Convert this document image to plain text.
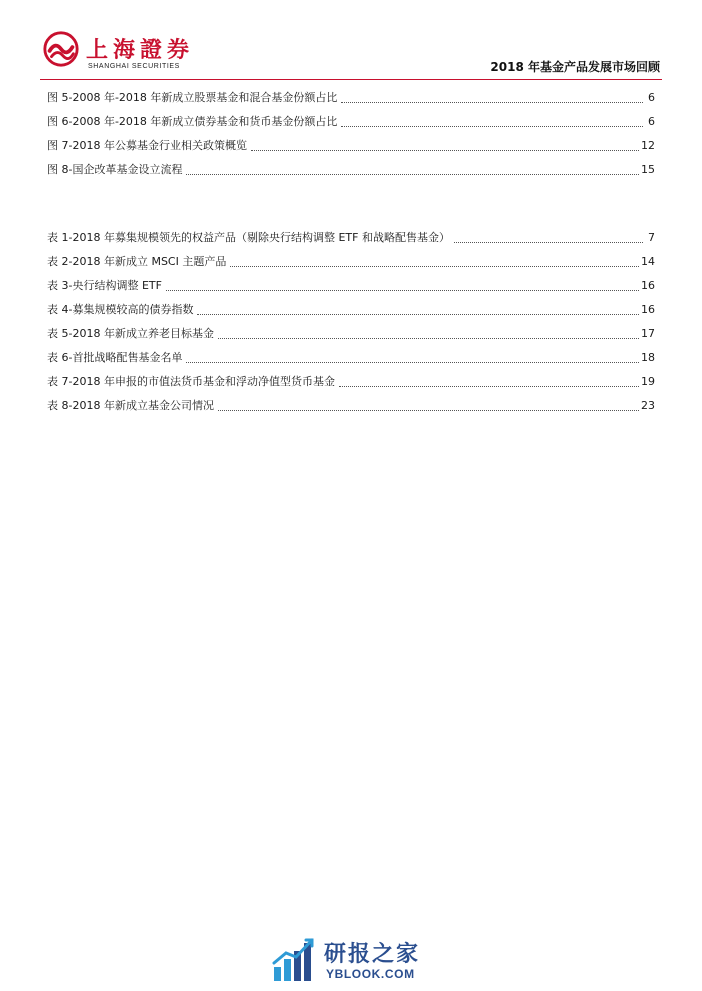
上海證券
SHANGHAI SECURITIES	2018 年基金产品发展市场回顾
图 5-2008 年-2018 年新成立股票基金和混合基金份额占比	6
图 6-2008 年-2018 年新成立债券基金和货币基金份额占比	6
图 7-2018 年公募基金行业相关政策概览	12
图 8-国企改革基金设立流程	15
表 1-2018 年募集规模领先的权益产品（剔除央行结构调整 ETF 和战略配售基金）	7
表 2-2018 年新成立 MSCI 主题产品	14
表 3-央行结构调整 ETF	16
表 4-募集规模较高的债券指数	16
表 5-2018 年新成立养老目标基金	17
表 6-首批战略配售基金名单	18
表 7-2018 年申报的市值法货币基金和浮动净值型货币基金	19
表 8-2018 年新成立基金公司情况	23
研报之家
YBLOOK.COM
